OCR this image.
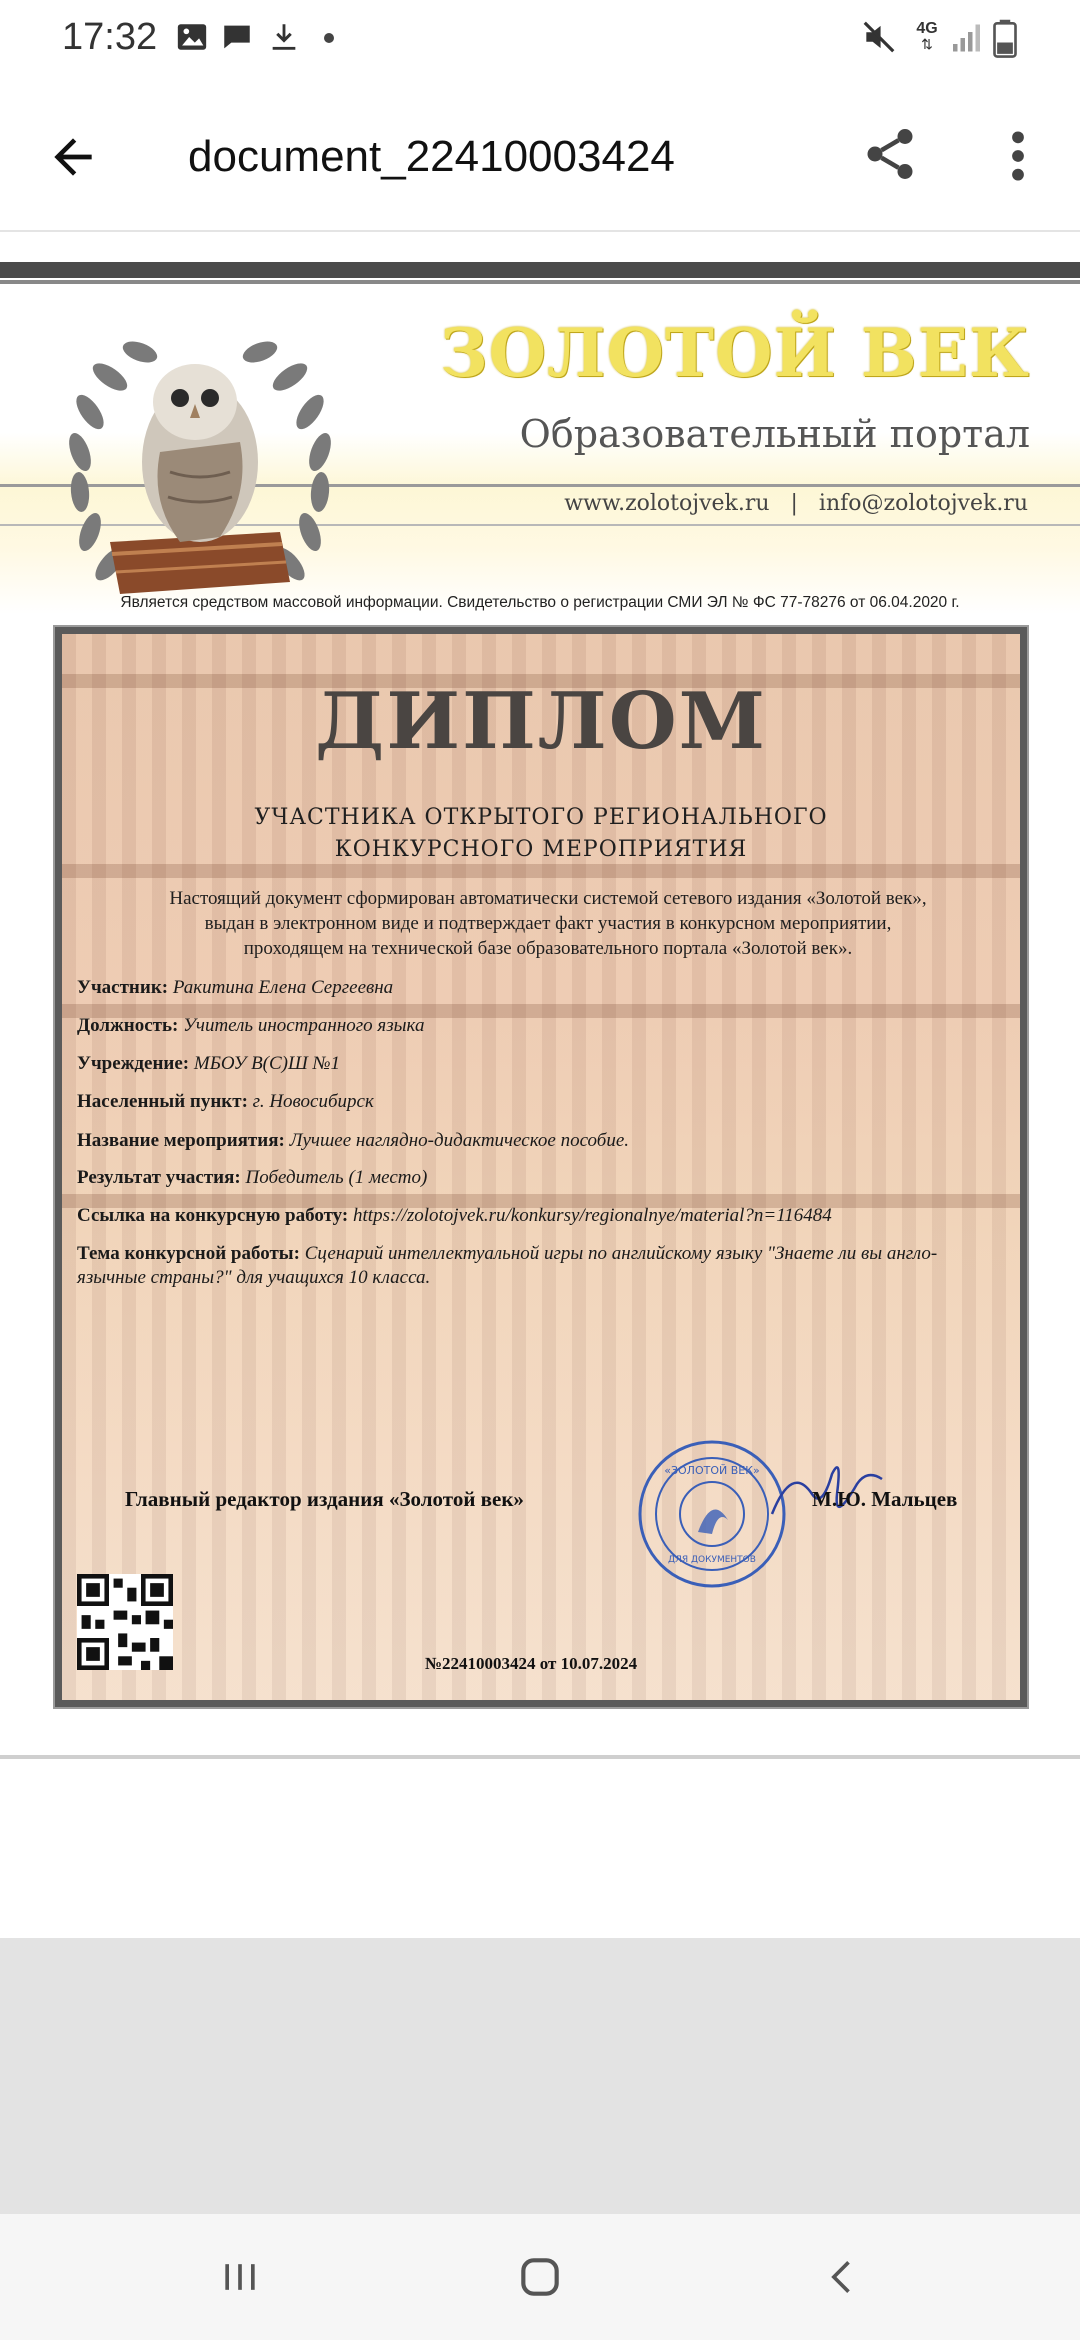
17:32	4G
⇅
document_22410003424
ЗОЛОТОЙ ВЕК
Образовательный портал
www.zolotojvek.ru   |   info@zolotojvek.ru
Является средством массовой информации. Свидетельство о регистрации СМИ ЭЛ № ФС 77-78276 от 06.04.2020 г.
ДИПЛОМ
УЧАСТНИКА ОТКРЫТОГО РЕГИОНАЛЬНОГО
КОНКУРСНОГО МЕРОПРИЯТИЯ
Настоящий документ сформирован автоматически системой сетевого издания «Золотой век»,
выдан в электронном виде и подтверждает факт участия в конкурсном мероприятии,
проходящем на технической базе образовательного портала «Золотой век».
Участник: Ракитина Елена Сергеевна
Должность: Учитель иностранного языка
Учреждение: МБОУ В(С)Ш №1
Населенный пункт: г. Новосибирск
Название мероприятия: Лучшее наглядно-дидактическое пособие.
Результат участия: Победитель (1 место)
Ссылка на конкурсную работу: https://zolotojvek.ru/konkursy/regionalnye/material?n=116484
Тема конкурсной работы: Сценарий интеллектуальной игры по английскому языку "Знаете ли вы англо-
язычные страны?" для учащихся 10 класса.
Главный редактор издания «Золотой век»
«ЗОЛОТОЙ ВЕК»
ДЛЯ ДОКУМЕНТОВ
М.Ю. Мальцев
№22410003424 от 10.07.2024
